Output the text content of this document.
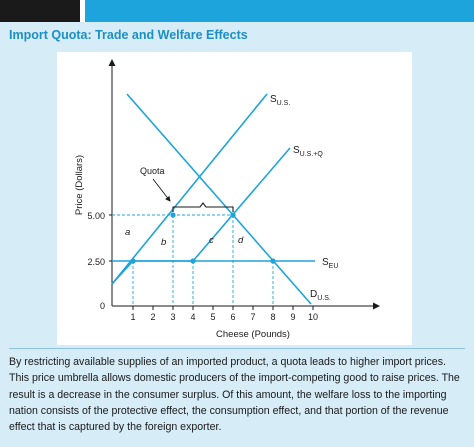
Import Quota: Trade and Welfare Effects
5.00
2.50
0
Price (Dollars)
1 2 3 4 5 6 7 8 9 10
Cheese (Pounds)
Quota
a
b	c	d
$S_{U.S.}$
$S_{U.S.+Q}$
$S_{EU}$
$D_{U.S.}$
By restricting available supplies of an imported product, a quota leads to higher import prices. This price umbrella allows domestic producers of the import-competing good to raise prices. The result is a decrease in the consumer surplus. Of this amount, the welfare loss to the importing nation consists of the protective effect, the consumption effect, and that portion of the revenue effect that is captured by the foreign exporter.
